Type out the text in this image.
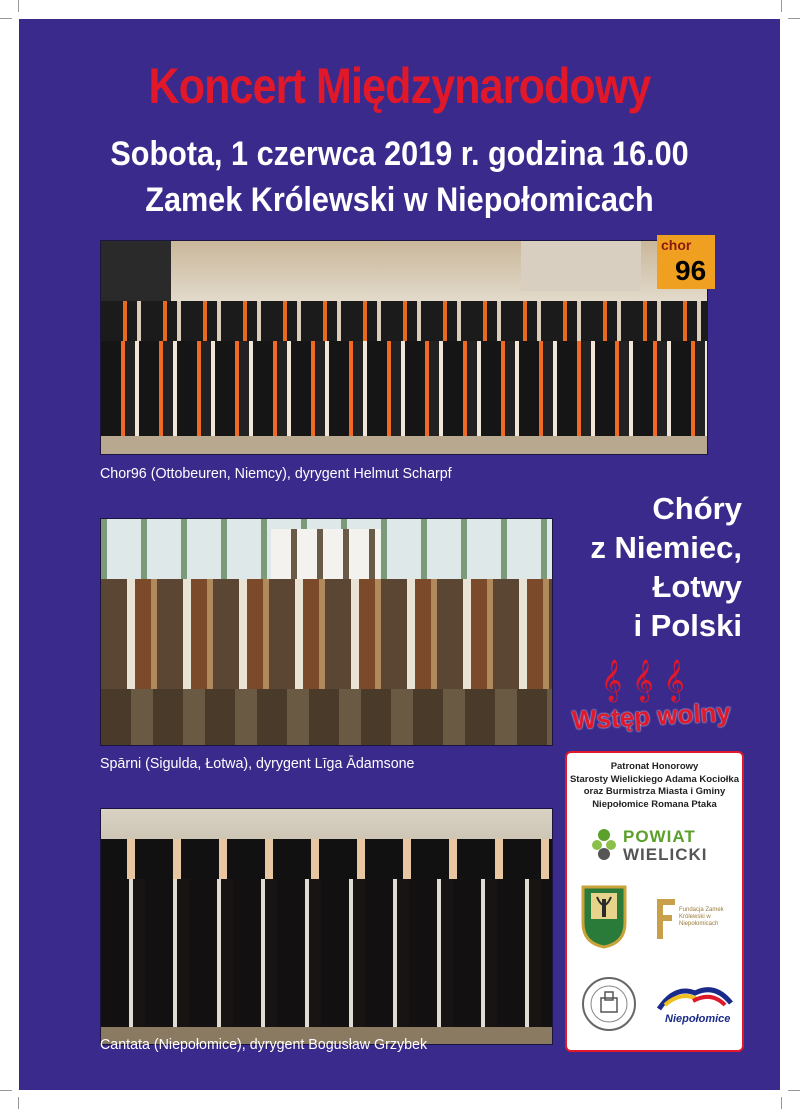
Koncert Międzynarodowy
Sobota, 1 czerwca 2019 r. godzina 16.00
Zamek Królewski w Niepołomicach
chor
96
Chor96 (Ottobeuren, Niemcy), dyrygent Helmut Scharpf
Spārni (Sigulda, Łotwa), dyrygent Līga Ādamsone
Cantata (Niepołomice), dyrygent Bogusław Grzybek
Chóry
z Niemiec,
Łotwy
i Polski
𝄞𝄞𝄞
Wstęp wolny
Patronat Honorowy
Starosty Wielickiego Adama Kociołka
oraz Burmistrza Miasta i Gminy
Niepołomice Romana Ptaka
POWIAT
WIELICKI
Fundacja Zamek Królewski w Niepołomicach
Niepołomice
